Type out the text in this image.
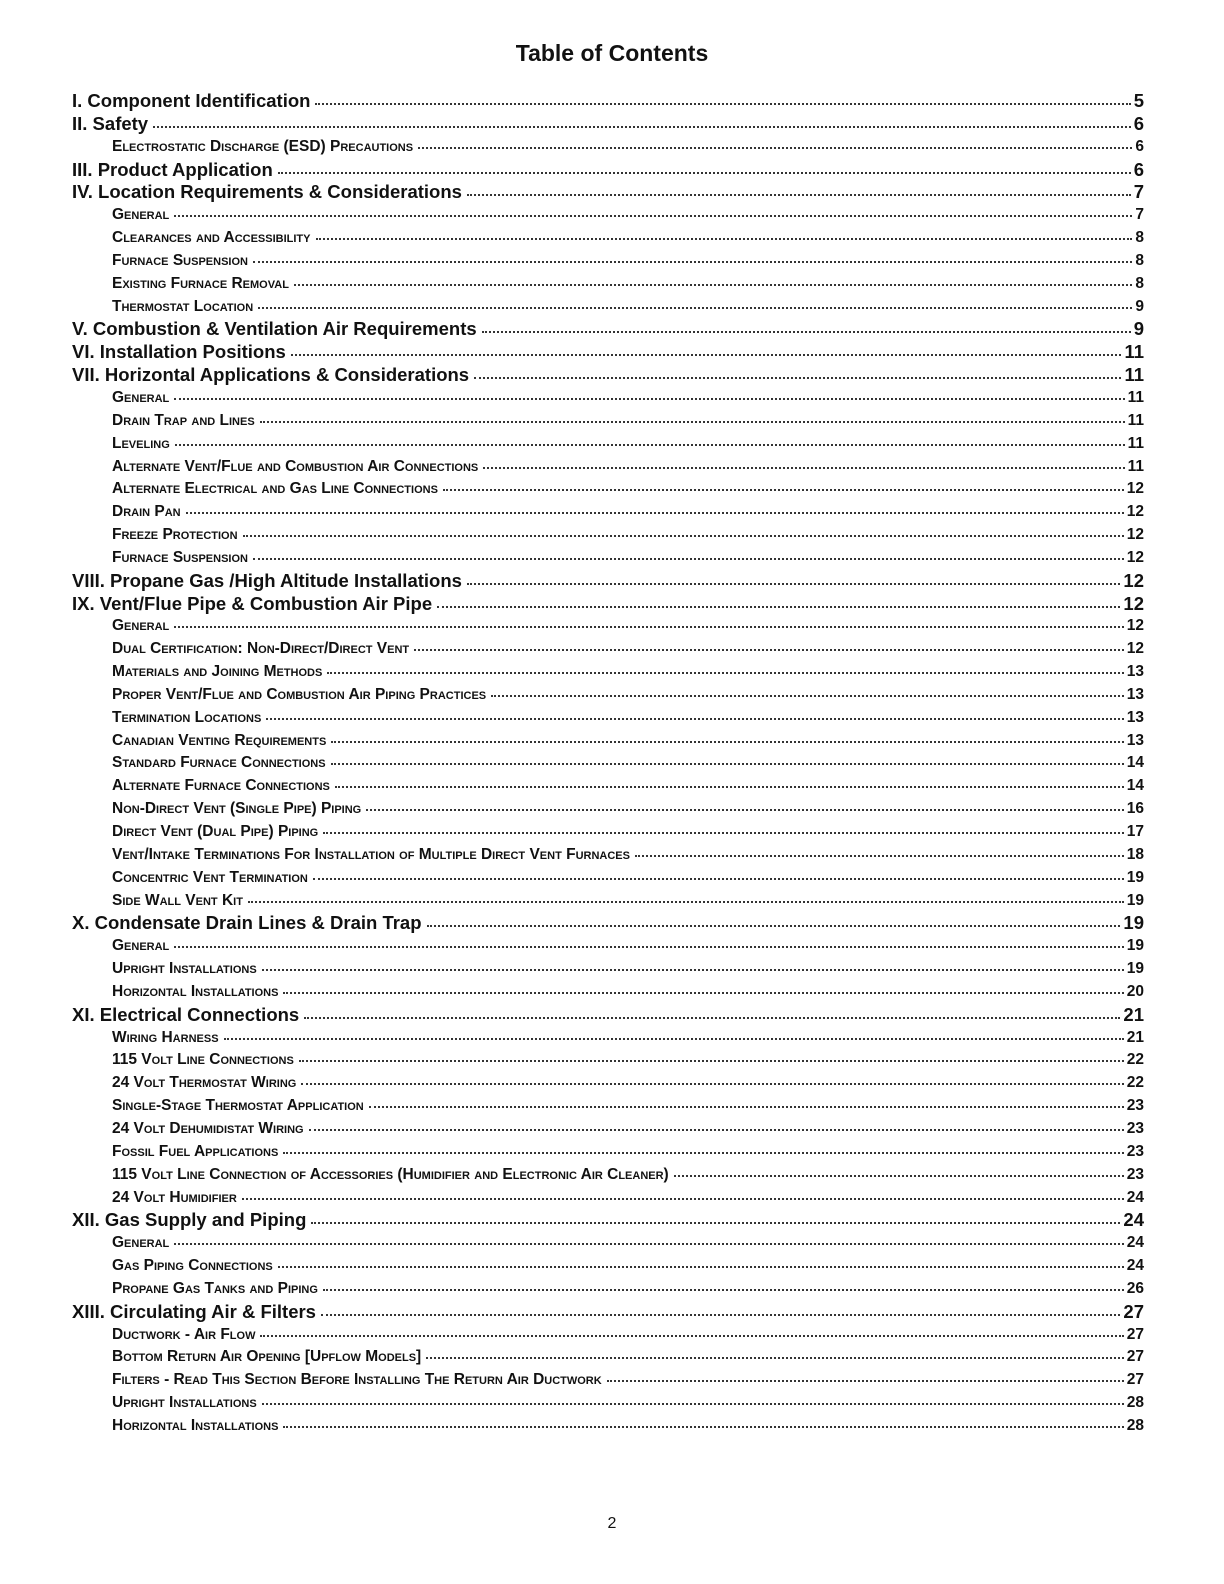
Table of Contents
I. Component Identification	5
II. Safety	6
Electrostatic Discharge (ESD) Precautions	6
III. Product Application	6
IV. Location Requirements & Considerations	7
General	7
Clearances and Accessibility	8
Furnace Suspension	8
Existing Furnace Removal	8
Thermostat Location	9
V. Combustion & Ventilation Air Requirements	9
VI. Installation Positions	11
VII. Horizontal Applications & Considerations	11
General	11
Drain Trap and Lines	11
Leveling	11
Alternate Vent/Flue and Combustion Air Connections	11
Alternate Electrical and Gas Line Connections	12
Drain Pan	12
Freeze Protection	12
Furnace Suspension	12
VIII. Propane Gas /High Altitude Installations	12
IX. Vent/Flue Pipe & Combustion Air Pipe	12
General	12
Dual Certification: Non-Direct/Direct Vent	12
Materials and Joining Methods	13
Proper Vent/Flue and Combustion Air Piping Practices	13
Termination Locations	13
Canadian Venting Requirements	13
Standard Furnace Connections	14
Alternate Furnace Connections	14
Non-Direct Vent (Single Pipe) Piping	16
Direct Vent (Dual Pipe) Piping	17
Vent/Intake Terminations For Installation of Multiple Direct Vent Furnaces	18
Concentric Vent Termination	19
Side Wall Vent Kit	19
X. Condensate Drain Lines & Drain Trap	19
General	19
Upright Installations	19
Horizontal Installations	20
XI. Electrical Connections	21
Wiring Harness	21
115 Volt Line Connections	22
24 Volt Thermostat Wiring	22
Single-Stage Thermostat Application	23
24 Volt Dehumidistat Wiring	23
Fossil Fuel Applications	23
115 Volt Line Connection of Accessories (Humidifier and Electronic Air Cleaner)	23
24 Volt Humidifier	24
XII. Gas Supply and Piping	24
General	24
Gas Piping Connections	24
Propane Gas Tanks and Piping	26
XIII. Circulating Air & Filters	27
Ductwork - Air Flow	27
Bottom Return Air Opening [Upflow Models]	27
Filters - Read This Section Before Installing The Return Air Ductwork	27
Upright Installations	28
Horizontal Installations	28
2
